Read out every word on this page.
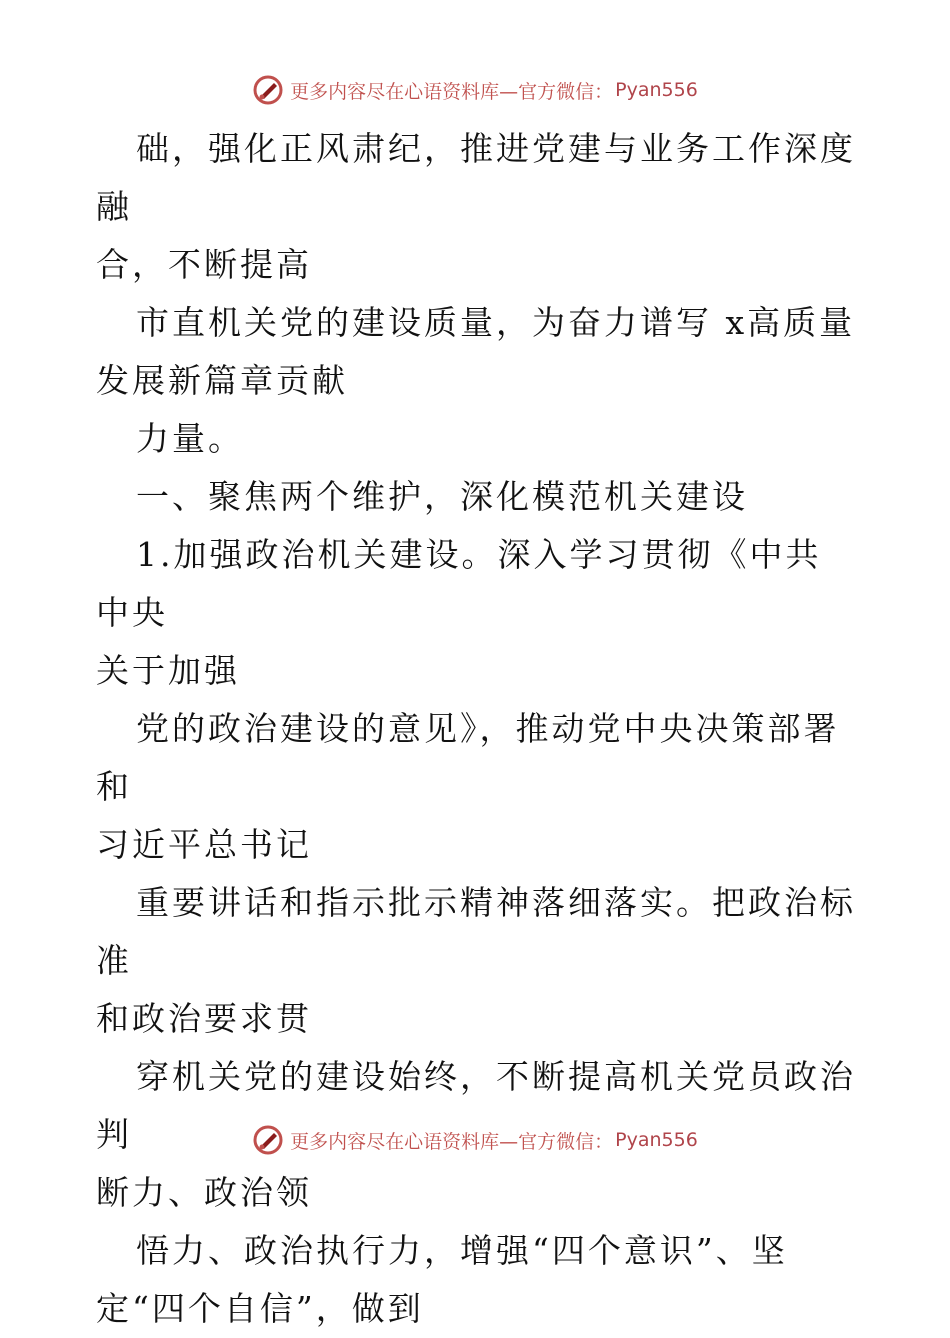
更多内容尽在心语资料库—官方微信： Pyan556

础，强化正风肃纪，推进党建与业务工作深度融
合，不断提高

市直机关党的建设质量，为奋力谱写 x高质量
发展新篇章贡献

力量。

一、聚焦两个维护，深化模范机关建设

1.加强政治机关建设。深入学习贯彻《中共中央
关于加强

党的政治建设的意见》，推动党中央决策部署和
习近平总书记

重要讲话和指示批示精神落细落实。把政治标准
和政治要求贯

穿机关党的建设始终，不断提高机关党员政治判
断力、政治领

悟力、政治执行力，增强“四个意识”、坚
定“四个自信”，做到

更多内容尽在心语资料库—官方微信： Pyan556
